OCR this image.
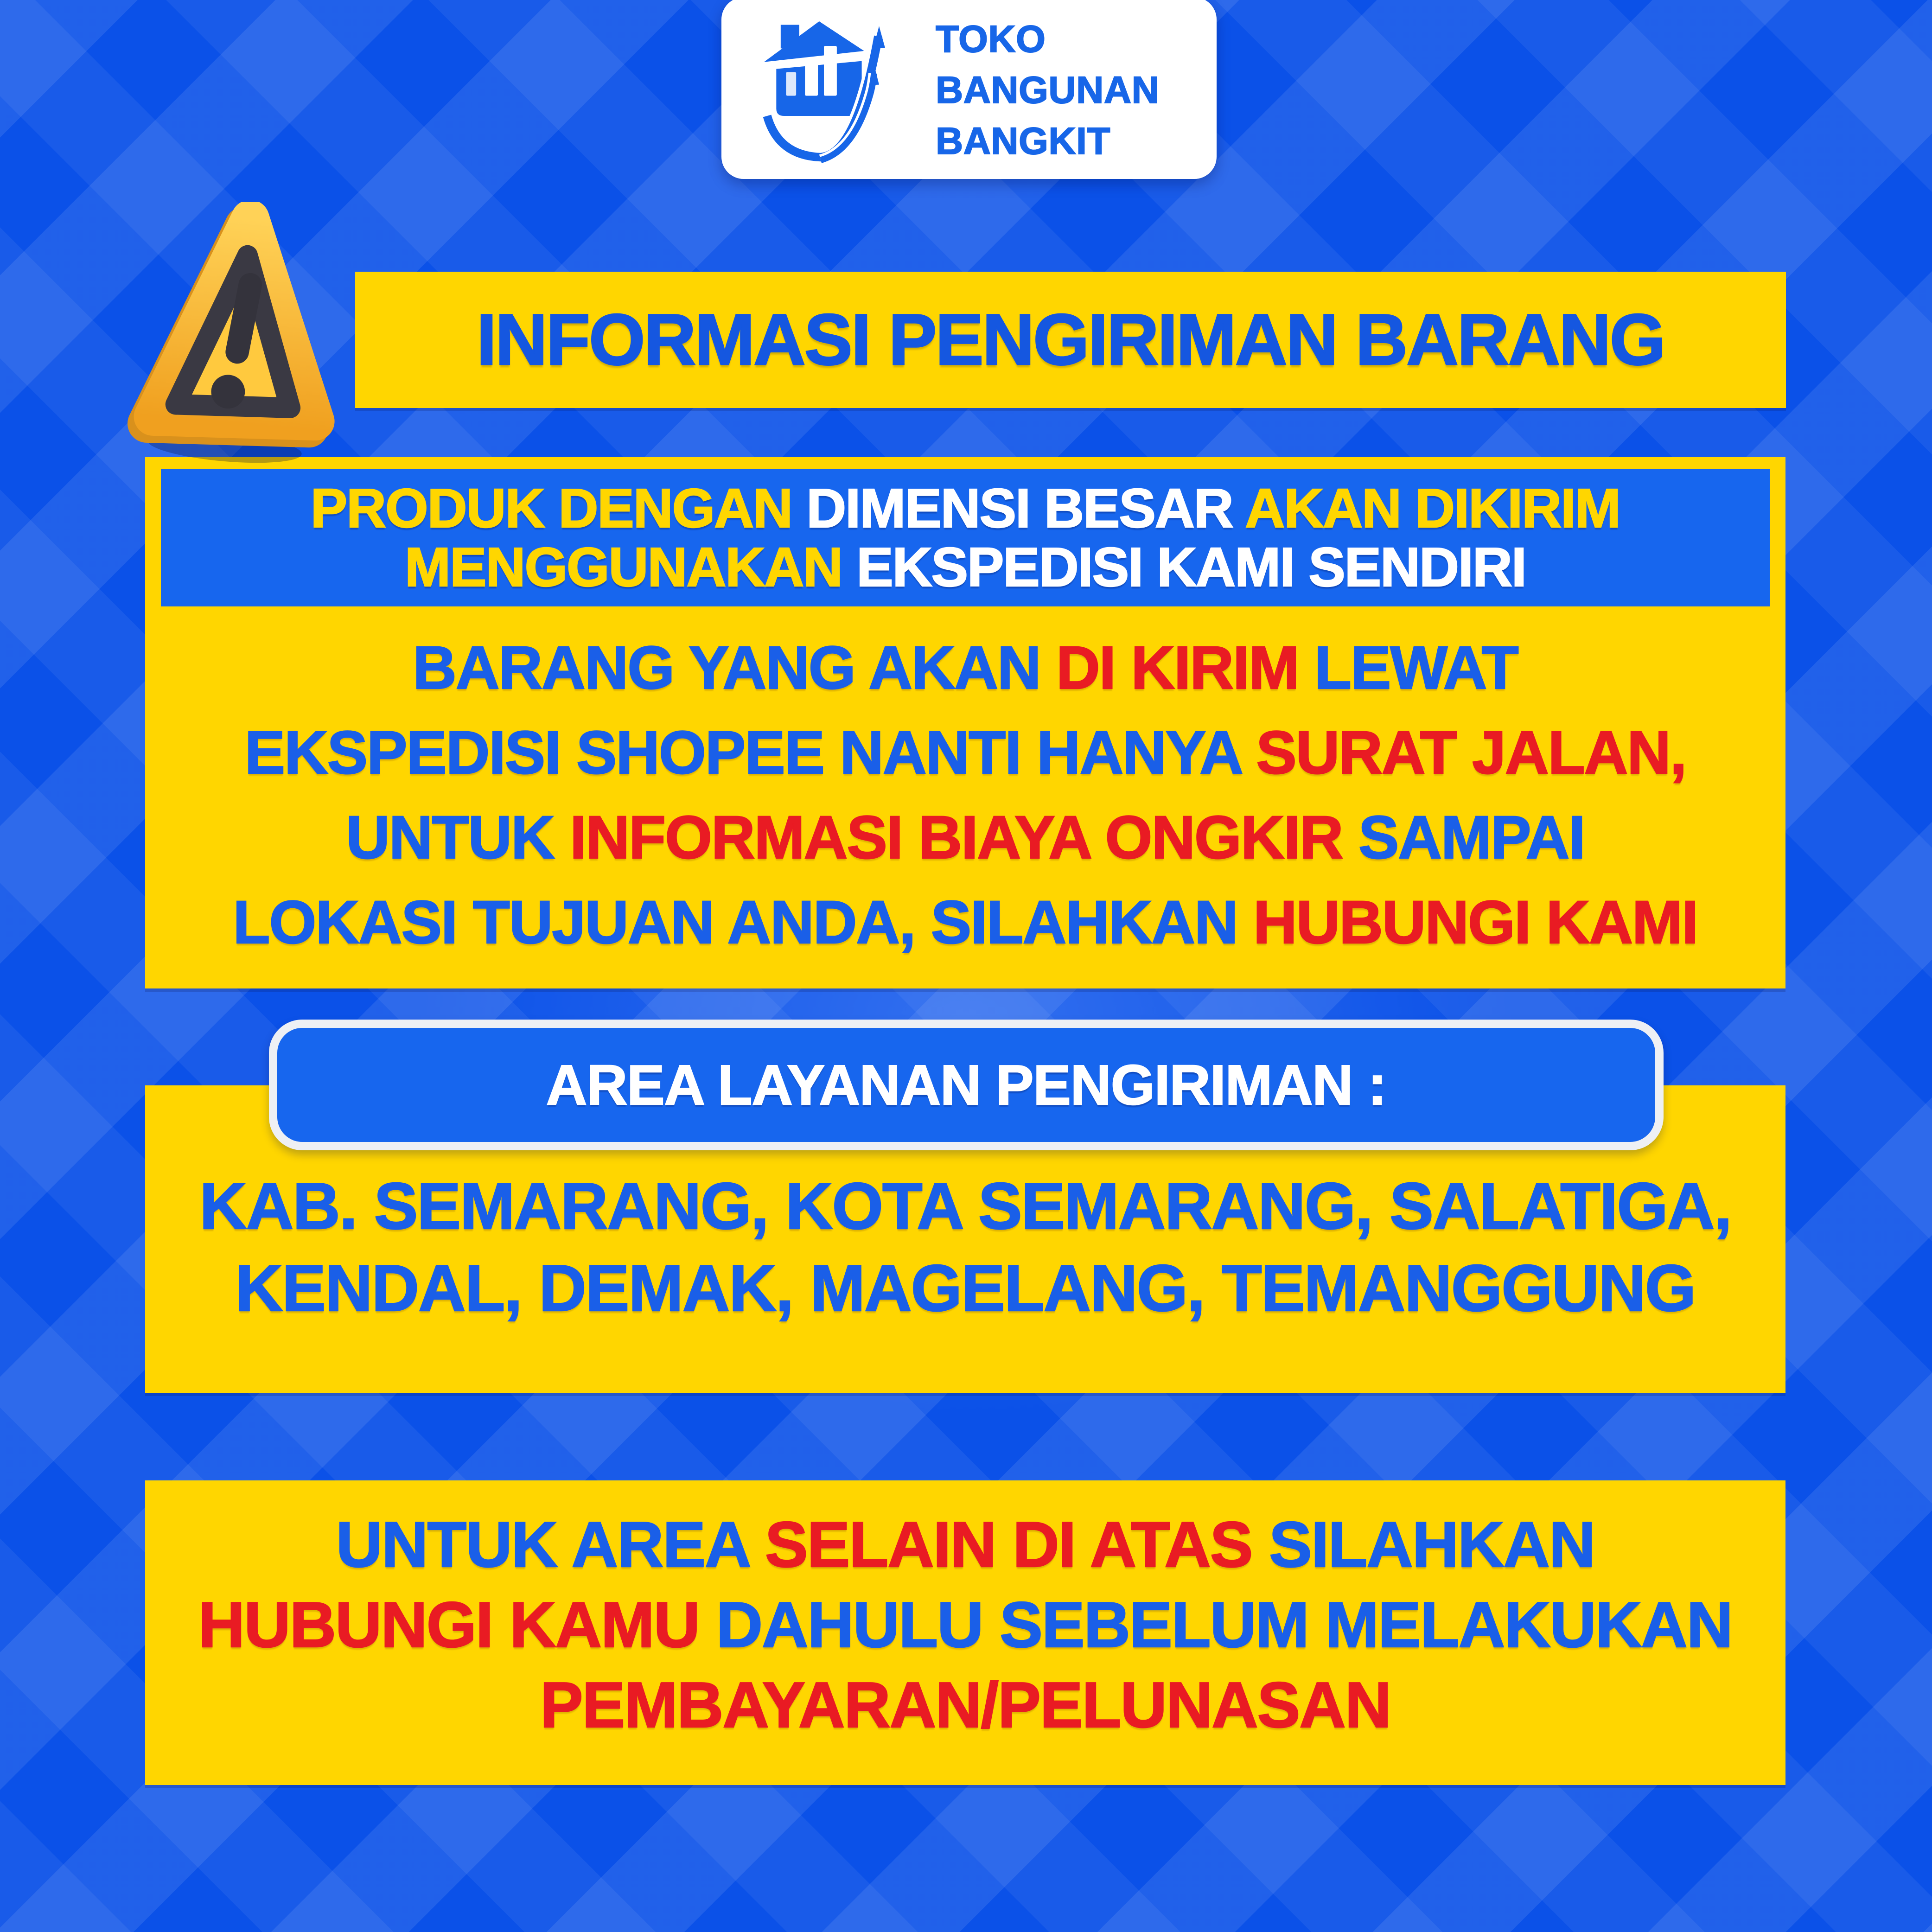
TOKO
BANGUNAN
BANGKIT
INFORMASI PENGIRIMAN BARANG

PRODUK DENGAN DIMENSI BESAR AKAN DIKIRIM

MENGGUNAKAN EKSPEDISI KAMI SENDIRI

BARANG YANG AKAN DI KIRIM LEWAT

EKSPEDISI SHOPEE NANTI HANYA SURAT JALAN,

UNTUK INFORMASI BIAYA ONGKIR SAMPAI

LOKASI TUJUAN ANDA, SILAHKAN HUBUNGI KAMI

AREA LAYANAN PENGIRIMAN :

KAB. SEMARANG, KOTA SEMARANG, SALATIGA,

KENDAL, DEMAK, MAGELANG, TEMANGGUNG

UNTUK AREA SELAIN DI ATAS SILAHKAN

HUBUNGI KAMU DAHULU SEBELUM MELAKUKAN

PEMBAYARAN/PELUNASAN
